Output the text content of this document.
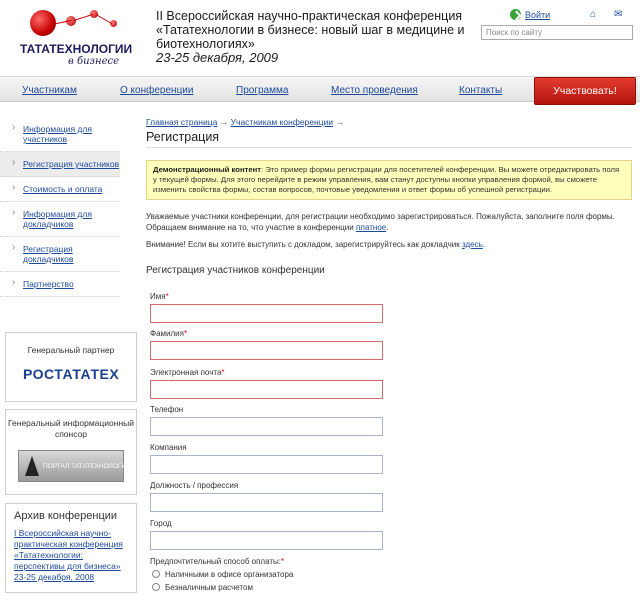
ТАТАТЕХНОЛОГИИ
в бизнесе
II Всероссийская научно-практическая конференция «Тататехнологии в бизнесе: новый шаг в медицине и биотехнологиях»
23-25 декабря, 2009
Войти	⌂ ✉
Поиск по сайту
Участникам	О конференции	Программа	Место проведения	Контакты	Участвовать!
› Информация для участников
› Регистрация участников
› Стоимость и оплата
› Информация для докладчиков
› Регистрация докладчиков
› Партнерство
Генеральный партнер
РОСТАТАТЕХ
Генеральный информационный спонсор
ПОРТАЛ ТАТАТЕХНОЛОГИИ
Архив конференции
I Всероссийская научно-практическая конференция «Тататехнологии: перспективы для бизнеса» 23-25 декабря, 2008
Главная страница → Участникам конференции →
Регистрация
Демонстрационный контент: Это пример формы регистрации для посетителей конференции. Вы можете отредактировать поля у текущей формы. Для этого перейдите в режим управления, вам станут доступны кнопки управления формой, вы сможете изменить свойства формы, состав вопросов, почтовые уведомления и ответ формы об успешной регистрации.
Уважаемые участники конференции, для регистрации необходимо зарегистрироваться. Пожалуйста, заполните поля формы. Обращаем внимание на то, что участие в конференции платное.
Внимание! Если вы хотите выступить с докладом, зарегистрируйтесь как докладчик здесь.
Регистрация участников конференции
Имя*
Фамилия*
Электронная почта*
Телефон
Компания
Должность / профессия
Город
Предпочтительный способ оплаты:*
Наличными в офисе организатора
Безналичным расчетом
